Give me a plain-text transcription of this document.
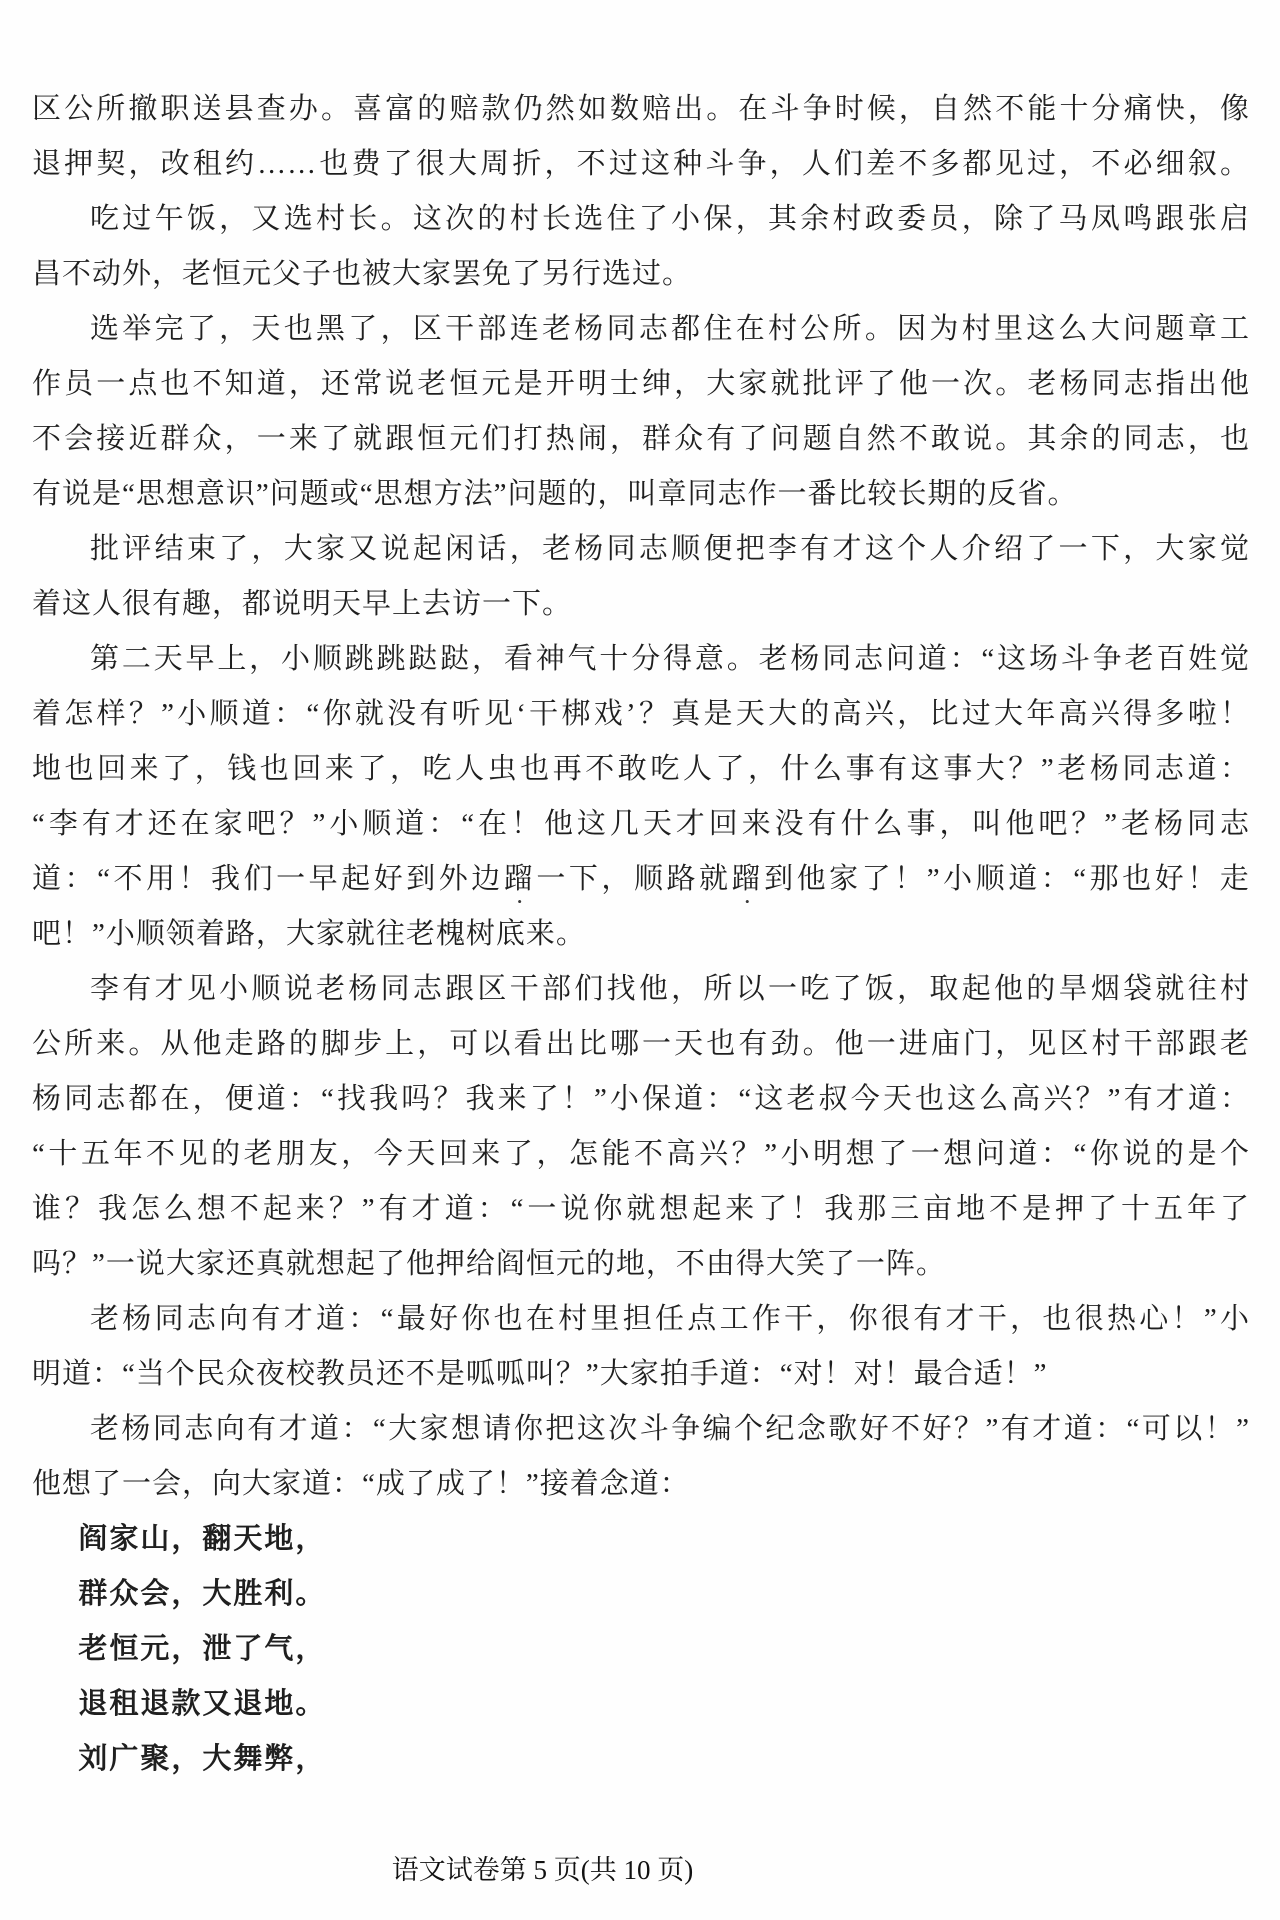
区公所撤职送县查办。喜富的赔款仍然如数赔出。在斗争时候，自然不能十分痛快，像
退押契，改租约……也费了很大周折，不过这种斗争，人们差不多都见过，不必细叙。
吃过午饭，又选村长。这次的村长选住了小保，其余村政委员，除了马凤鸣跟张启
昌不动外，老恒元父子也被大家罢免了另行选过。
选举完了，天也黑了，区干部连老杨同志都住在村公所。因为村里这么大问题章工
作员一点也不知道，还常说老恒元是开明士绅，大家就批评了他一次。老杨同志指出他
不会接近群众，一来了就跟恒元们打热闹，群众有了问题自然不敢说。其余的同志，也
有说是“思想意识”问题或“思想方法”问题的，叫章同志作一番比较长期的反省。
批评结束了，大家又说起闲话，老杨同志顺便把李有才这个人介绍了一下，大家觉
着这人很有趣，都说明天早上去访一下。
第二天早上，小顺跳跳跶跶，看神气十分得意。老杨同志问道：“这场斗争老百姓觉
着怎样？”小顺道：“你就没有听见‘干梆戏’？真是天大的高兴，比过大年高兴得多啦！
地也回来了，钱也回来了，吃人虫也再不敢吃人了，什么事有这事大？”老杨同志道：
“李有才还在家吧？”小顺道：“在！他这几天才回来没有什么事，叫他吧？”老杨同志
道：“不用！我们一早起好到外边蹓一下，顺路就蹓到他家了！”小顺道：“那也好！走
吧！”小顺领着路，大家就往老槐树底来。
李有才见小顺说老杨同志跟区干部们找他，所以一吃了饭，取起他的旱烟袋就往村
公所来。从他走路的脚步上，可以看出比哪一天也有劲。他一进庙门，见区村干部跟老
杨同志都在，便道：“找我吗？我来了！”小保道：“这老叔今天也这么高兴？”有才道：
“十五年不见的老朋友，今天回来了，怎能不高兴？”小明想了一想问道：“你说的是个
谁？我怎么想不起来？”有才道：“一说你就想起来了！我那三亩地不是押了十五年了
吗？”一说大家还真就想起了他押给阎恒元的地，不由得大笑了一阵。
老杨同志向有才道：“最好你也在村里担任点工作干，你很有才干，也很热心！”小
明道：“当个民众夜校教员还不是呱呱叫？”大家拍手道：“对！对！最合适！”
老杨同志向有才道：“大家想请你把这次斗争编个纪念歌好不好？”有才道：“可以！”
他想了一会，向大家道：“成了成了！”接着念道：
阎家山，翻天地，
群众会，大胜利。
老恒元，泄了气，
退租退款又退地。
刘广聚，大舞弊，
语文试卷第 5 页(共 10 页)
